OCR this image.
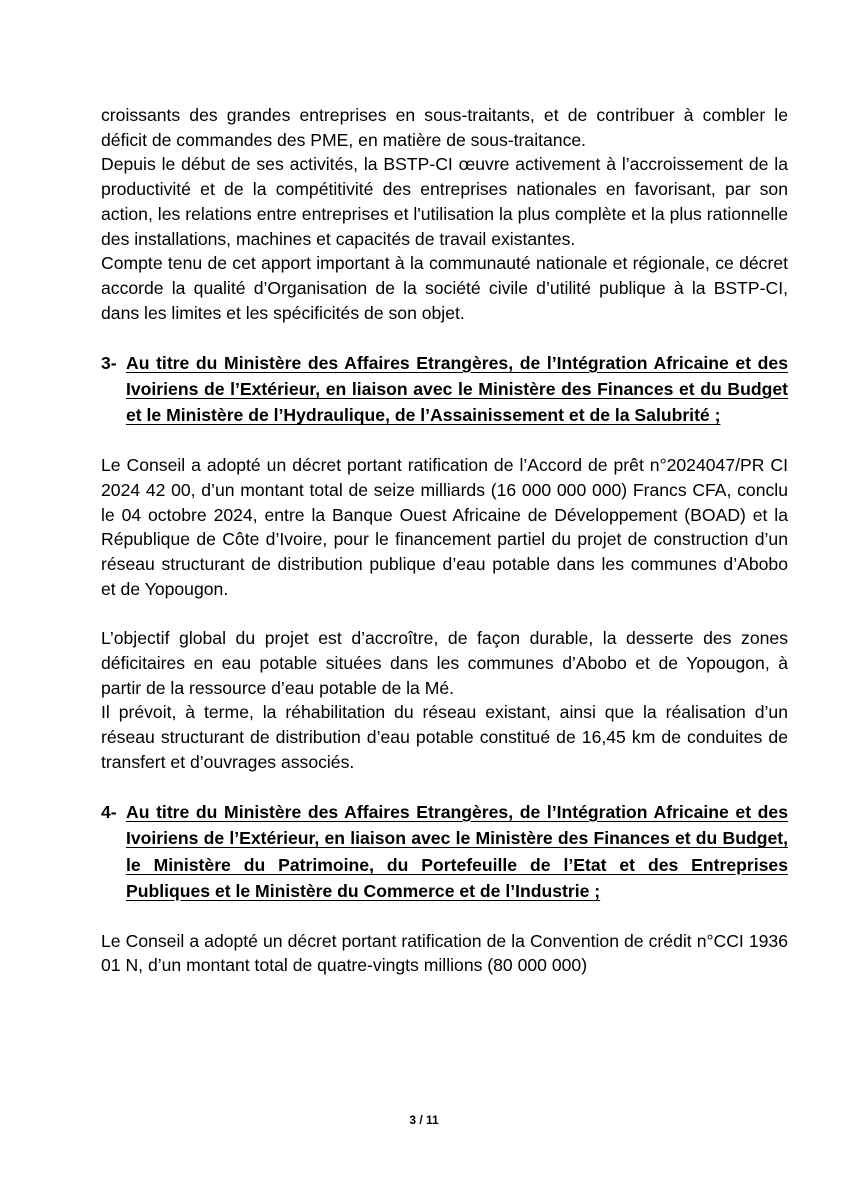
croissants des grandes entreprises en sous-traitants, et de contribuer à combler le déficit de commandes des PME, en matière de sous-traitance.

Depuis le début de ses activités, la BSTP-CI œuvre activement à l’accroissement de la productivité et de la compétitivité des entreprises nationales en favorisant, par son action, les relations entre entreprises et l'utilisation la plus complète et la plus rationnelle des installations, machines et capacités de travail existantes.

Compte tenu de cet apport important à la communauté nationale et régionale, ce décret accorde la qualité d’Organisation de la société civile d’utilité publique à la BSTP-CI, dans les limites et les spécificités de son objet.

3- Au titre du Ministère des Affaires Etrangères, de l’Intégration Africaine et des Ivoiriens de l’Extérieur, en liaison avec le Ministère des Finances et du Budget et le Ministère de l’Hydraulique, de l’Assainissement et de la Salubrité ;

Le Conseil a adopté un décret portant ratification de l’Accord de prêt n°2024047/PR CI 2024 42 00, d’un montant total de seize milliards (16 000 000 000) Francs CFA, conclu le 04 octobre 2024, entre la Banque Ouest Africaine de Développement (BOAD) et la République de Côte d’Ivoire, pour le financement partiel du projet de construction d’un réseau structurant de distribution publique d’eau potable dans les communes d’Abobo et de Yopougon.

L’objectif global du projet est d’accroître, de façon durable, la desserte des zones déficitaires en eau potable situées dans les communes d’Abobo et de Yopougon, à partir de la ressource d’eau potable de la Mé.

Il prévoit, à terme, la réhabilitation du réseau existant, ainsi que la réalisation d’un réseau structurant de distribution d’eau potable constitué de 16,45 km de conduites de transfert et d’ouvrages associés.

4- Au titre du Ministère des Affaires Etrangères, de l’Intégration Africaine et des Ivoiriens de l’Extérieur, en liaison avec le Ministère des Finances et du Budget, le Ministère du Patrimoine, du Portefeuille de l’Etat et des Entreprises Publiques et le Ministère du Commerce et de l’Industrie ;

Le Conseil a adopté un décret portant ratification de la Convention de crédit n°CCI 1936 01 N, d’un montant total de quatre-vingts millions (80 000 000)

3 / 11
